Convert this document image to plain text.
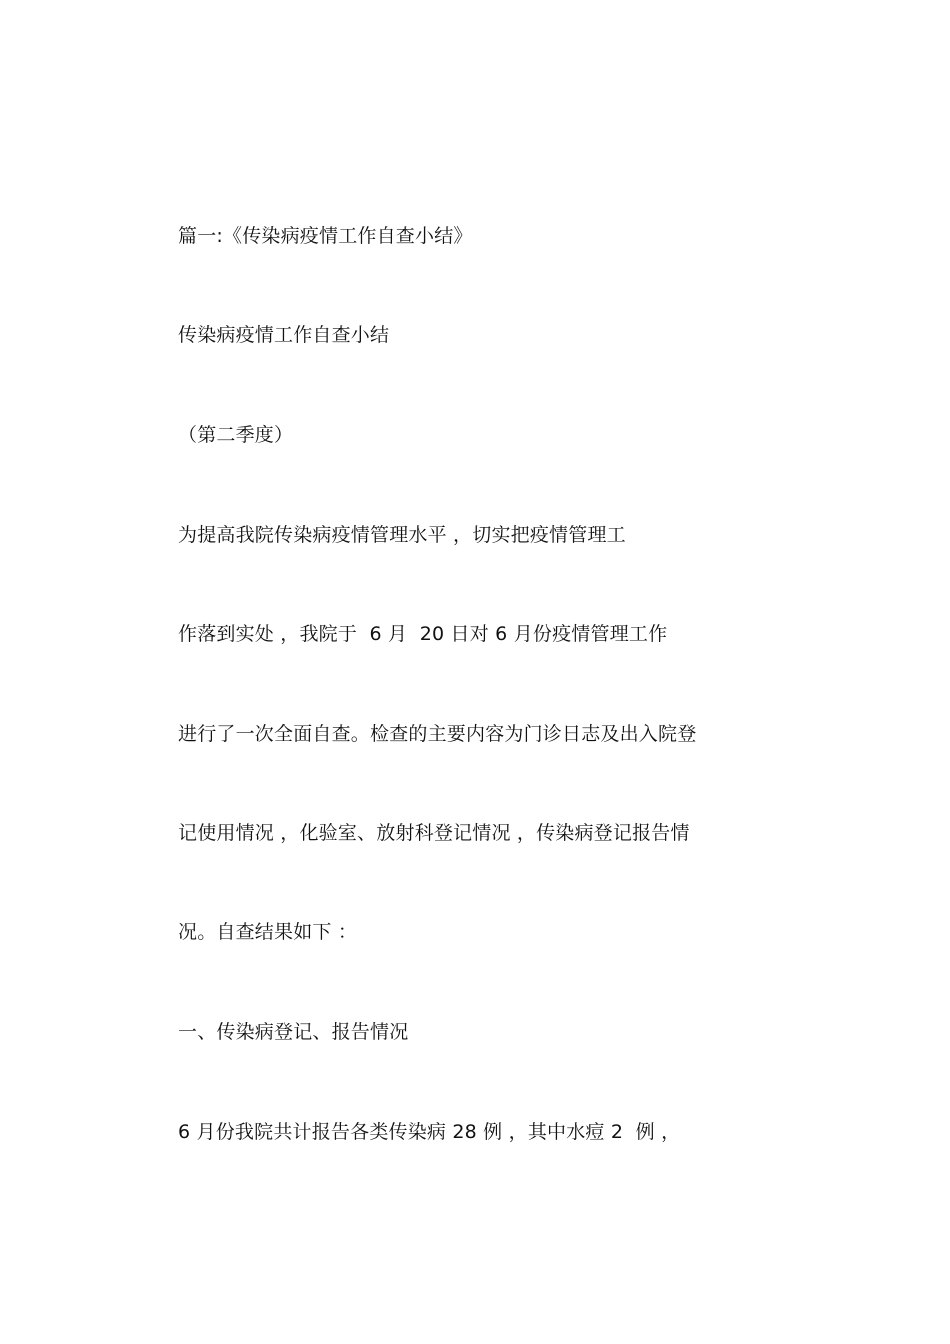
篇一:《传染病疫情工作自查小结》
传染病疫情工作自查小结
（第二季度）
为提高我院传染病疫情管理水平 ，切实把疫情管理工
作落到实处 ，我院于  6 月  20 日对 6 月份疫情管理工作
进行了一次全面自查。检查的主要内容为门诊日志及出入院登
记使用情况 ，化验室、放射科登记情况 ，传染病登记报告情
况。自查结果如下 ：
一、传染病登记、报告情况
6 月份我院共计报告各类传染病 28 例 ，其中水痘 2  例 ，
